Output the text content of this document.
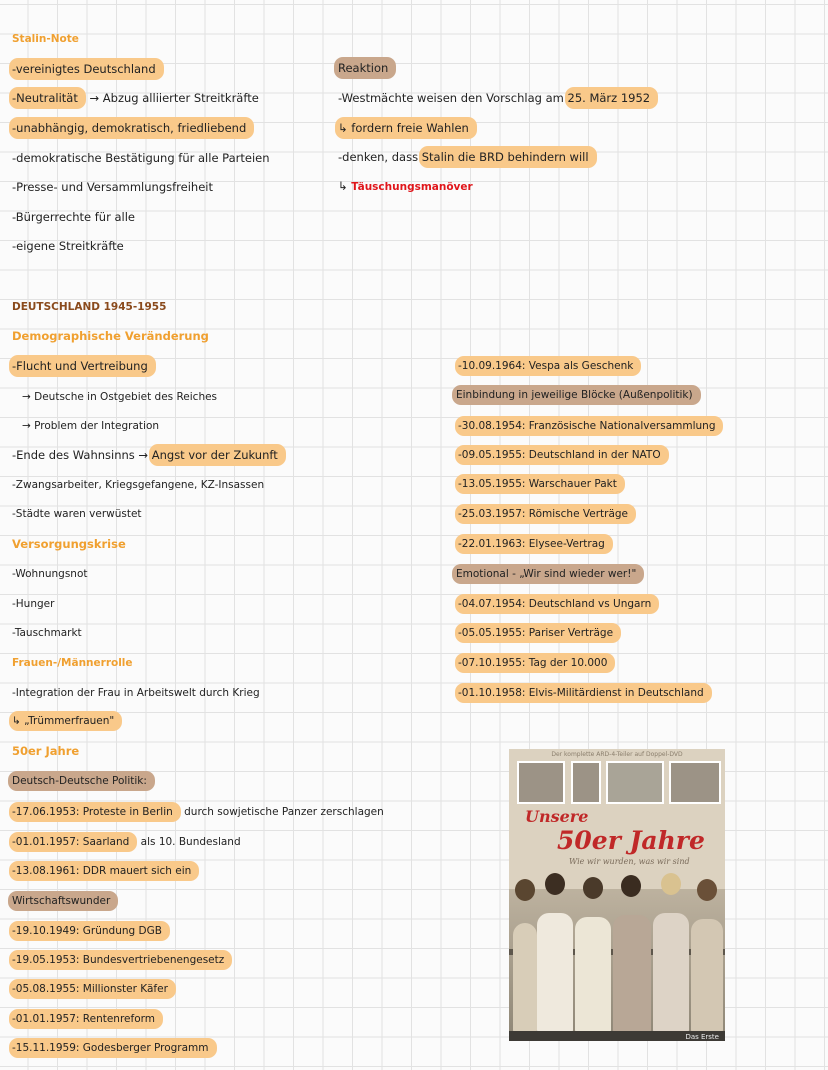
Stalin-Note
-vereinigtes Deutschland
-Neutralität → Abzug alliierter Streitkräfte
-unabhängig, demokratisch, friedliebend
-demokratische Bestätigung für alle Parteien
-Presse- und Versammlungsfreiheit
-Bürgerrechte für alle
-eigene Streitkräfte
Reaktion
-Westmächte weisen den Vorschlag am 25. März 1952
↳ fordern freie Wahlen
-denken, dass Stalin die BRD behindern will
↳ Täuschungsmanöver
DEUTSCHLAND 1945-1955
Demographische Veränderung
-Flucht und Vertreibung
→ Deutsche in Ostgebiet des Reiches
→ Problem der Integration
-Ende des Wahnsinns → Angst vor der Zukunft
-Zwangsarbeiter, Kriegsgefangene, KZ-Insassen
-Städte waren verwüstet
Versorgungskrise
-Wohnungsnot
-Hunger
-Tauschmarkt
Frauen-/Männerrolle
-Integration der Frau in Arbeitswelt durch Krieg
↳ „Trümmerfrauen"
50er Jahre
Deutsch-Deutsche Politik:
-17.06.1953: Proteste in Berlin durch sowjetische Panzer zerschlagen
-01.01.1957: Saarland als 10. Bundesland
-13.08.1961: DDR mauert sich ein
Wirtschaftswunder
-19.10.1949: Gründung DGB
-19.05.1953: Bundesvertriebenengesetz
-05.08.1955: Millionster Käfer
-01.01.1957: Rentenreform
-15.11.1959: Godesberger Programm
-10.09.1964: Vespa als Geschenk
Einbindung in jeweilige Blöcke (Außenpolitik)
-30.08.1954: Französische Nationalversammlung
-09.05.1955: Deutschland in der NATO
-13.05.1955: Warschauer Pakt
-25.03.1957: Römische Verträge
-22.01.1963: Elysee-Vertrag
Emotional - „Wir sind wieder wer!"
-04.07.1954: Deutschland vs Ungarn
-05.05.1955: Pariser Verträge
-07.10.1955: Tag der 10.000
-01.10.1958: Elvis-Militärdienst in Deutschland
Der komplette ARD-4-Teiler auf Doppel-DVD
Unsere
50er Jahre
Wie wir wurden, was wir sind
Das Erste
